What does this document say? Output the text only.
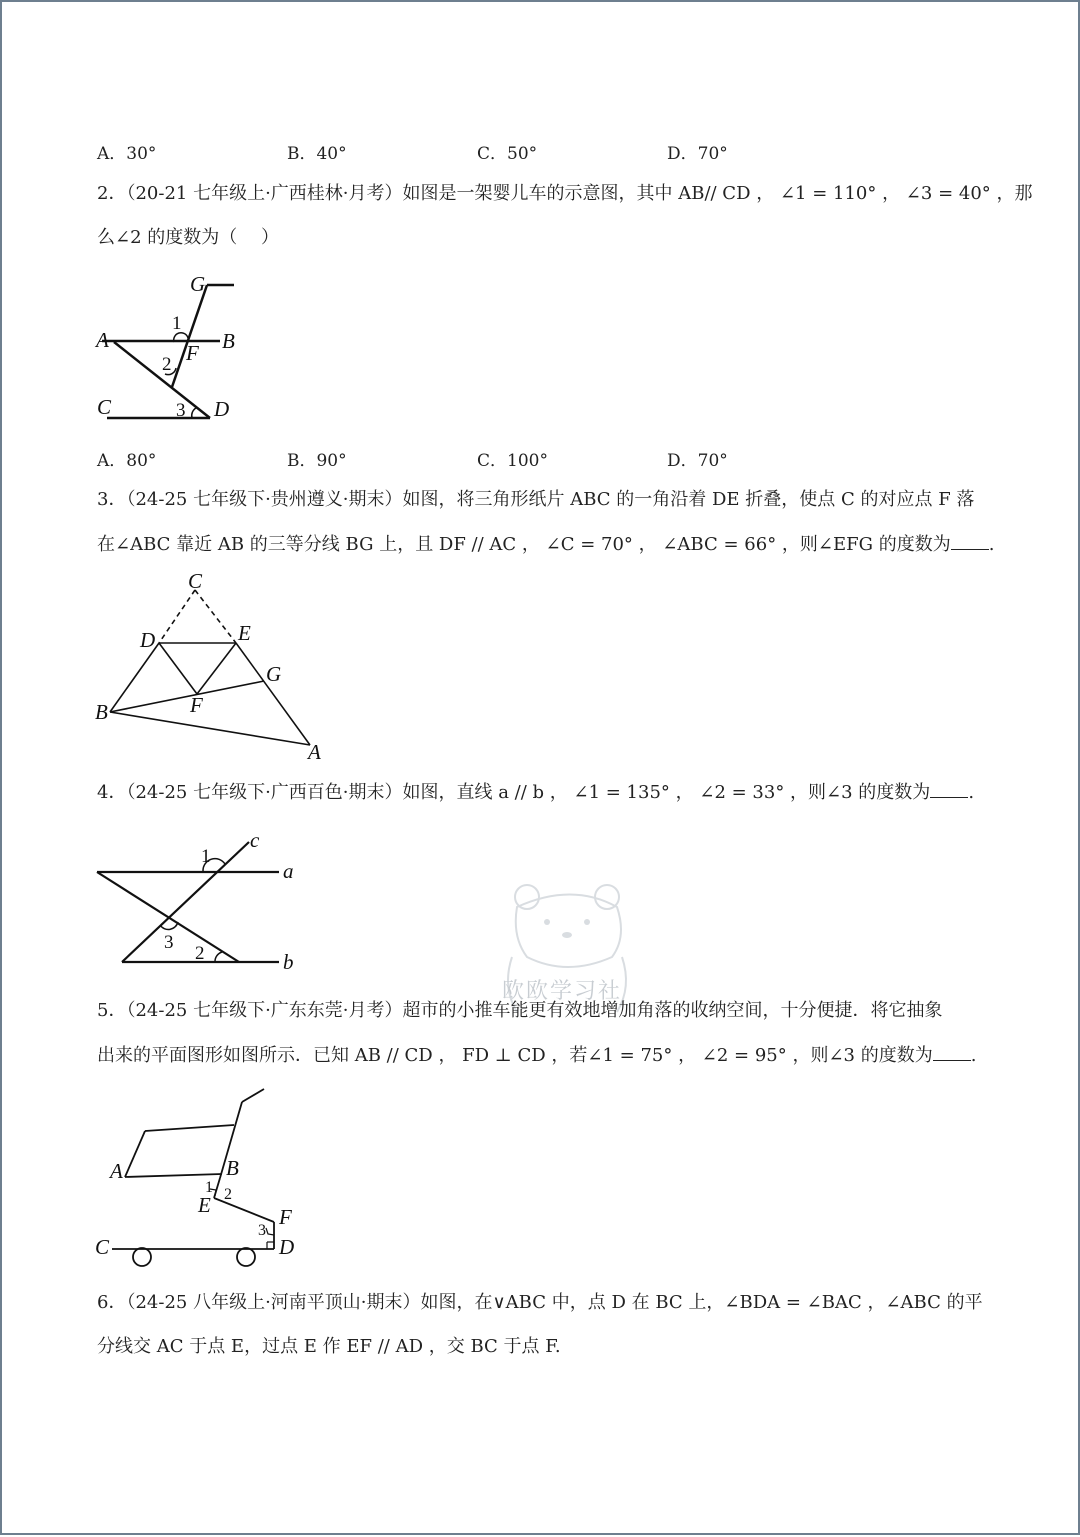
A．30°	B．40°	C．50°	D．70°
2．（20-21 七年级上·广西桂林·月考）如图是一架婴儿车的示意图，其中 AB// CD ， ∠1 = 110° ， ∠3 = 40° ，那
么∠2 的度数为（　 ）
G
1
A	B
F
2
C	3 D
A．80°	B．90°	C．100°	D．70°
3．（24-25 七年级下·贵州遵义·期末）如图，将三角形纸片 ABC 的一角沿着 DE 折叠，使点 C 的对应点 F 落
在∠ABC 靠近 AB 的三等分线 BG 上，且 DF // AC ， ∠C = 70° ， ∠ABC = 66° ，则∠EFG 的度数为 .
C
D	E
G
F
B
A
4．（24-25 七年级下·广西百色·期末）如图，直线 a // b ， ∠1 = 135° ， ∠2 = 33° ，则∠3 的度数为 .
1
c
a
3
2	b
欧欧学习社
5．（24-25 七年级下·广东东莞·月考）超市的小推车能更有效地增加角落的收纳空间，十分便捷．将它抽象
出来的平面图形如图所示．已知 AB // CD ， FD ⊥ CD ，若∠1 = 75° ， ∠2 = 95° ，则∠3 的度数为 .
A	B
1 2
E	F
3
C	D
6．（24-25 八年级上·河南平顶山·期末）如图，在∨ABC 中，点 D 在 BC 上，∠BDA = ∠BAC ，∠ABC 的平
分线交 AC 于点 E，过点 E 作 EF // AD ，交 BC 于点 F.
